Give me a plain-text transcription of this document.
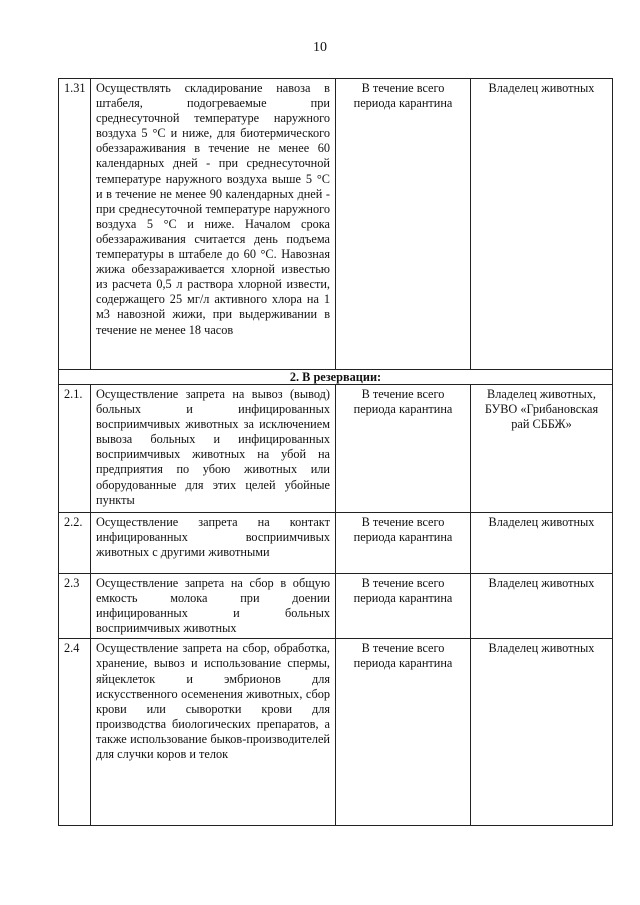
10
1.31	Осуществлять складирование навоза в штабеля, подогреваемые при среднесуточной температуре наружного воздуха 5 °С и ниже, для биотермического обеззараживания в течение не менее 60 календарных дней - при среднесуточной температуре наружного воздуха выше 5 °С и в течение не менее 90 календарных дней - при среднесуточной температуре наружного воздуха 5 °С и ниже. Началом срока обеззараживания считается день подъема температуры в штабеле до 60 °С. Навозная жижа обеззараживается хлорной известью из расчета 0,5 л раствора хлорной извести, содержащего 25 мг/л активного хлора на 1 м3 навозной жижи, при выдерживании в течение не менее 18 часов	В течение всего периода карантина	Владелец животных
2. В резервации:			
2.1.	Осуществление запрета на вывоз (вывод) больных и инфицированных восприимчивых животных за исключением вывоза больных и инфицированных восприимчивых животных на убой на предприятия по убою животных или оборудованные для этих целей убойные пункты	В течение всего периода карантина	Владелец животных, БУВО «Грибановская рай СББЖ»
2.2.	Осуществление запрета на контакт инфицированных восприимчивых животных с другими животными	В течение всего периода карантина	Владелец животных
2.3	Осуществление запрета на сбор в общую емкость молока при доении инфицированных и больных восприимчивых животных	В течение всего периода карантина	Владелец животных
2.4	Осуществление запрета на сбор, обработка, хранение, вывоз и использование спермы, яйцеклеток и эмбрионов для искусственного осеменения животных, сбор крови или сыворотки крови для производства биологических препаратов, а также использование быков-производителей для случки коров и телок	В течение всего периода карантина	Владелец животных
